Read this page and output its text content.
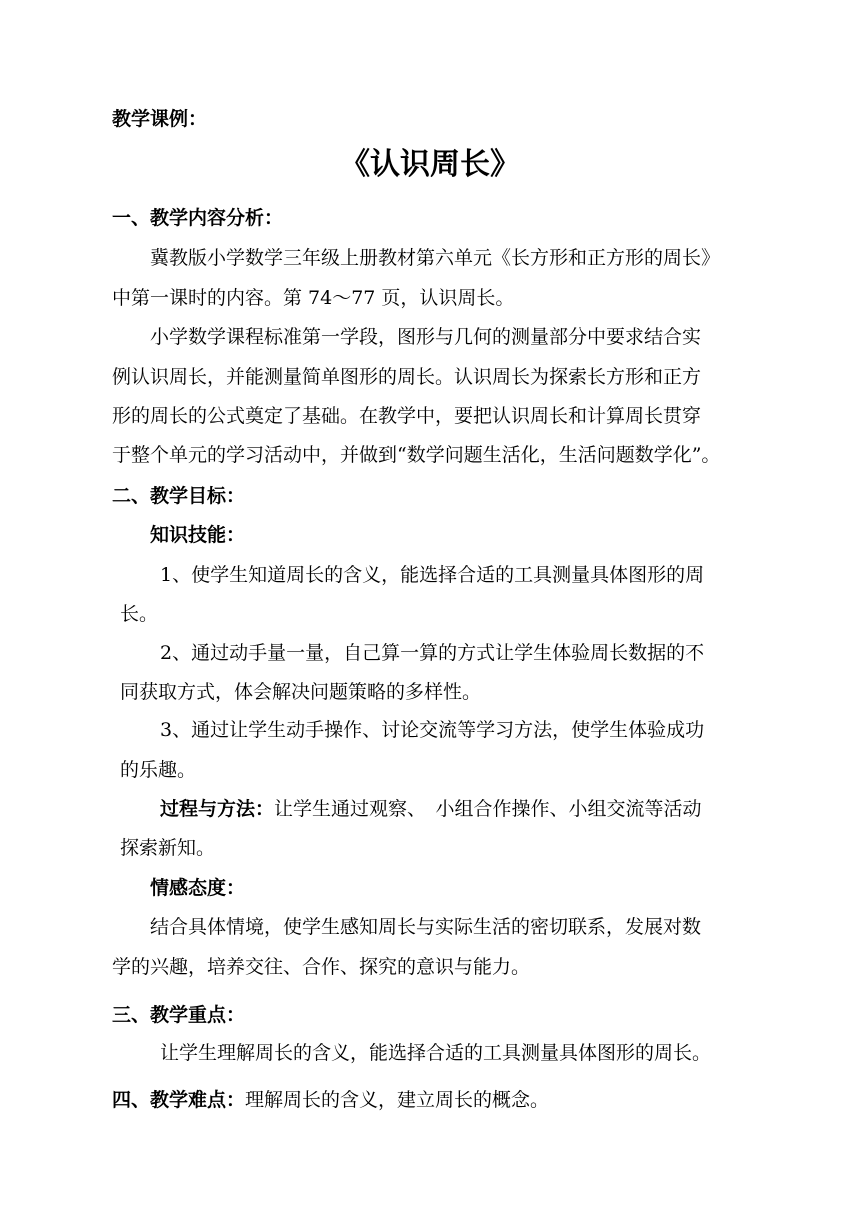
教学课例：
《认识周长》
一、教学内容分析：
冀教版小学数学三年级上册教材第六单元《长方形和正方形的周长》
中第一课时的内容。第 74～77 页，认识周长。
小学数学课程标准第一学段，图形与几何的测量部分中要求结合实
例认识周长，并能测量简单图形的周长。认识周长为探索长方形和正方
形的周长的公式奠定了基础。在教学中，要把认识周长和计算周长贯穿
于整个单元的学习活动中，并做到“数学问题生活化，生活问题数学化”。
二、教学目标：
知识技能：
1、使学生知道周长的含义，能选择合适的工具测量具体图形的周
长。
2、通过动手量一量，自己算一算的方式让学生体验周长数据的不
同获取方式，体会解决问题策略的多样性。
3、通过让学生动手操作、讨论交流等学习方法，使学生体验成功
的乐趣。
过程与方法：让学生通过观察、　小组合作操作、小组交流等活动
探索新知。
情感态度：
结合具体情境，使学生感知周长与实际生活的密切联系，发展对数
学的兴趣，培养交往、合作、探究的意识与能力。
三、教学重点：
让学生理解周长的含义，能选择合适的工具测量具体图形的周长。
四、教学难点：理解周长的含义，建立周长的概念。
